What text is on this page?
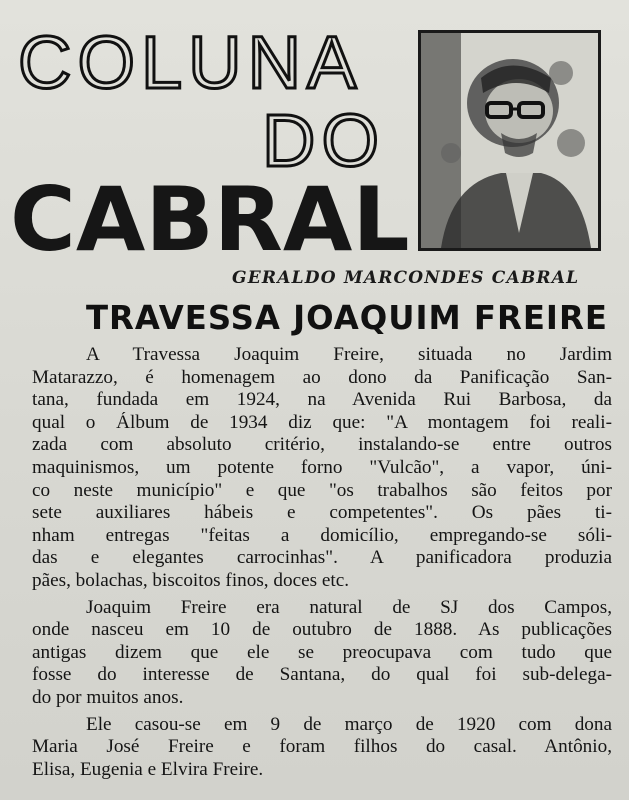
COLUNA
DO
CABRAL
GERALDO MARCONDES CABRAL
TRAVESSA JOAQUIM FREIRE
A Travessa Joaquim Freire, situada no Jardim
Matarazzo, é homenagem ao dono da Panificação San-
tana, fundada em 1924, na Avenida Rui Barbosa, da
qual o Álbum de 1934 diz que: "A montagem foi reali-
zada com absoluto critério, instalando-se entre outros
maquinismos, um potente forno "Vulcão", a vapor, úni-
co neste município" e que "os trabalhos são feitos por
sete auxiliares hábeis e competentes". Os pães ti-
nham entregas "feitas a domicílio, empregando-se sóli-
das e elegantes carrocinhas". A panificadora produzia
pães, bolachas, biscoitos finos, doces etc.
Joaquim Freire era natural de SJ dos Campos,
onde nasceu em 10 de outubro de 1888. As publicações
antigas dizem que ele se preocupava com tudo que
fosse do interesse de Santana, do qual foi sub-delega-
do por muitos anos.
Ele casou-se em 9 de março de 1920 com dona
Maria José Freire e foram filhos do casal. Antônio,
Elisa, Eugenia e Elvira Freire.
